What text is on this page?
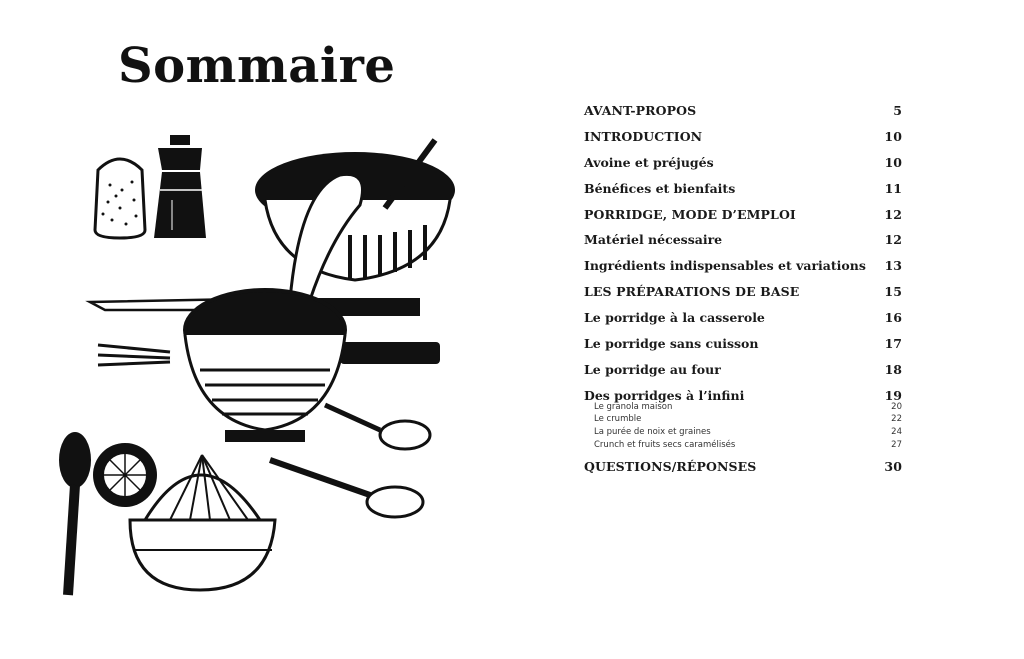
Sommaire
AVANT-PROPOS	5
INTRODUCTION	10
Avoine et préjugés	10
Bénéfices et bienfaits	11
PORRIDGE, MODE D’EMPLOI	12
Matériel nécessaire	12
Ingrédients indispensables et variations 13
LES PRÉPARATIONS DE BASE	15
Le porridge à la casserole	16
Le porridge sans cuisson	17
Le porridge au four	18
Des porridges à l’infini	19
Le granola maison	20
Le crumble	22
La purée de noix et graines	24
Crunch et fruits secs caramélisés	27
QUESTIONS/RÉPONSES	30
